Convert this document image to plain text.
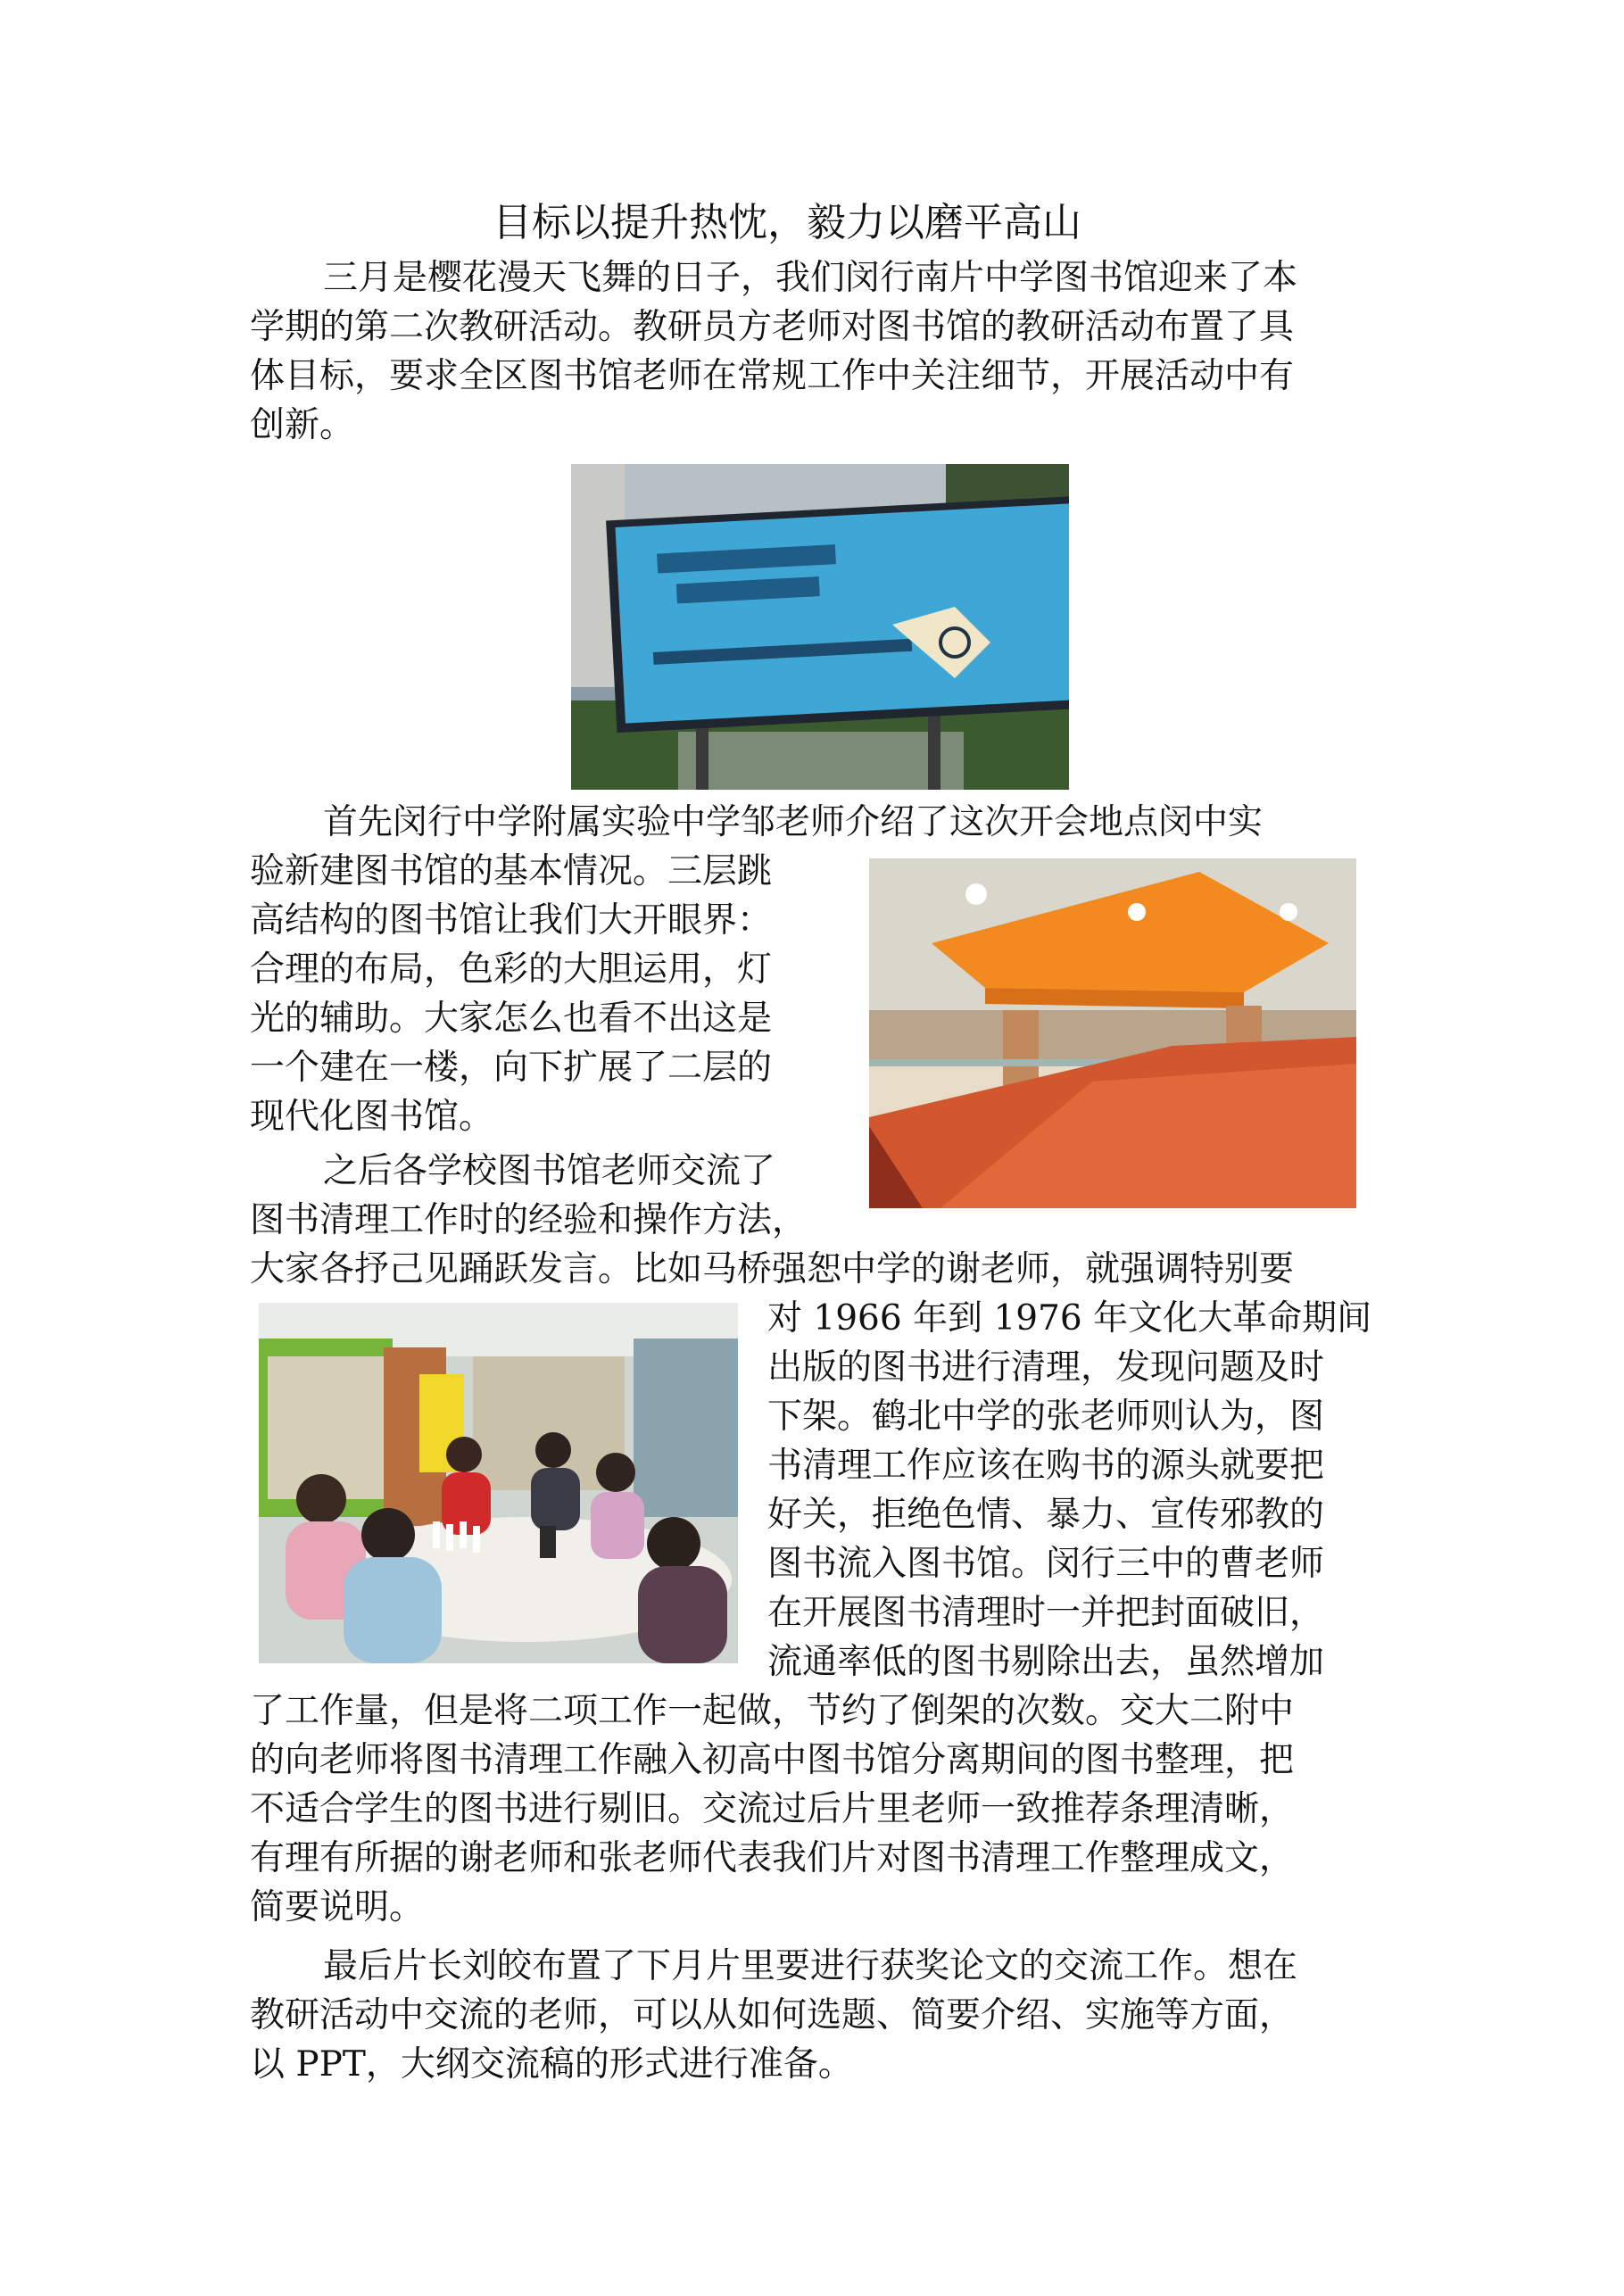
目标以提升热忱，毅力以磨平高山
三月是樱花漫天飞舞的日子，我们闵行南片中学图书馆迎来了本
学期的第二次教研活动。教研员方老师对图书馆的教研活动布置了具
体目标，要求全区图书馆老师在常规工作中关注细节，开展活动中有
创新。
首先闵行中学附属实验中学邹老师介绍了这次开会地点闵中实
验新建图书馆的基本情况。三层跳
高结构的图书馆让我们大开眼界：
合理的布局，色彩的大胆运用，灯
光的辅助。大家怎么也看不出这是
一个建在一楼，向下扩展了二层的
现代化图书馆。
之后各学校图书馆老师交流了
图书清理工作时的经验和操作方法，
大家各抒己见踊跃发言。比如马桥强恕中学的谢老师，就强调特别要
对 1966 年到 1976 年文化大革命期间
出版的图书进行清理，发现问题及时
下架。鹤北中学的张老师则认为，图
书清理工作应该在购书的源头就要把
好关，拒绝色情、暴力、宣传邪教的
图书流入图书馆。闵行三中的曹老师
在开展图书清理时一并把封面破旧，
流通率低的图书剔除出去，虽然增加
了工作量，但是将二项工作一起做，节约了倒架的次数。交大二附中
的向老师将图书清理工作融入初高中图书馆分离期间的图书整理，把
不适合学生的图书进行剔旧。交流过后片里老师一致推荐条理清晰，
有理有所据的谢老师和张老师代表我们片对图书清理工作整理成文，
简要说明。
最后片长刘皎布置了下月片里要进行获奖论文的交流工作。想在
教研活动中交流的老师，可以从如何选题、简要介绍、实施等方面，
以 PPT，大纲交流稿的形式进行准备。
